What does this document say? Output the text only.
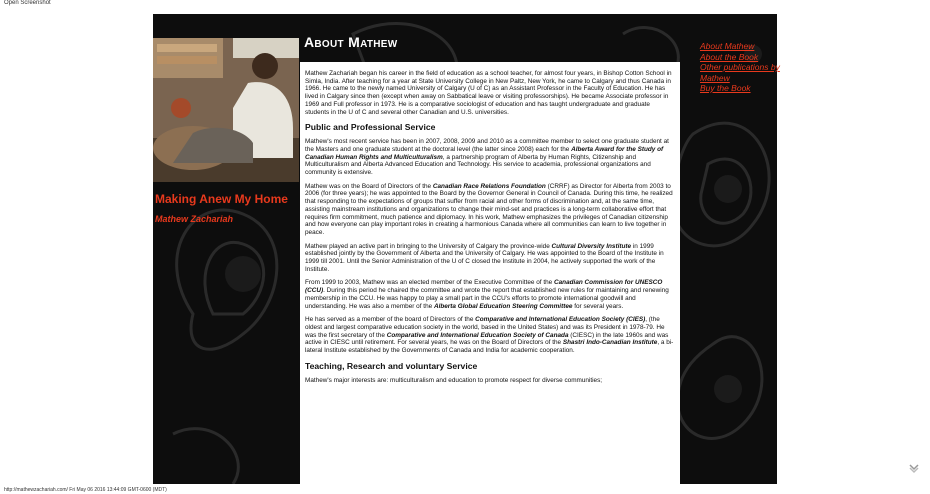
Open Screenshot
Making Anew My Home
Mathew Zachariah
About Mathew

Mathew Zachariah began his career in the field of education as a school teacher, for almost four years, in Bishop Cotton School in Simla, India. After teaching for a year at State University College in New Paltz, New York, he came to Calgary and thus Canada in 1966. He came to the newly named University of Calgary (U of C) as an Assistant Professor in the Faculty of Education. He has lived in Calgary since then (except when away on Sabbatical leave or visiting professorships). He became Associate professor in 1969 and Full professor in 1973. He is a comparative sociologist of education and has taught undergraduate and graduate students in the U of C and several other Canadian and U.S. universities.

Public and Professional Service

Mathew's most recent service has been in 2007, 2008, 2009 and 2010 as a committee member to select one graduate student at the Masters and one graduate student at the doctoral level (the latter since 2008) each for the Alberta Award for the Study of Canadian Human Rights and Multiculturalism, a partnership program of Alberta by Human Rights, Citizenship and Multiculturalism and Alberta Advanced Education and Technology. His service to academia, professional organizations and community is extensive.

Mathew was on the Board of Directors of the Canadian Race Relations Foundation (CRRF) as Director for Alberta from 2003 to 2006 (for three years); he was appointed to the Board by the Governor General in Council of Canada. During this time, he realized that responding to the expectations of groups that suffer from racial and other forms of discrimination and, at the same time, assisting mainstream institutions and organizations to change their mind-set and practices is a long-term collaborative effort that requires firm commitment, much patience and diplomacy. In his work, Mathew emphasizes the privileges of Canadian citizenship and how everyone can play important roles in creating a harmonious Canada where all communities can learn to live together in peace.

Mathew played an active part in bringing to the University of Calgary the province-wide Cultural Diversity Institute in 1999 established jointly by the Government of Alberta and the University of Calgary. He was appointed to the Board of the Institute in 1999 till 2001. Until the Senior Administration of the U of C closed the Institute in 2004, he actively supported the work of the Institute.

From 1999 to 2003, Mathew was an elected member of the Executive Committee of the Canadian Commission for UNESCO (CCU). During this period he chaired the committee and wrote the report that established new rules for maintaining and renewing membership in the CCU. He was happy to play a small part in the CCU's efforts to promote international goodwill and understanding. He was also a member of the Alberta Global Education Steering Committee for several years.

He has served as a member of the board of Directors of the Comparative and International Education Society (CIES), (the oldest and largest comparative education society in the world, based in the United States) and was its President in 1978-79. He was the first secretary of the Comparative and International Education Society of Canada (CIESC) in the late 1960s and was active in CIESC until retirement. For several years, he was on the Board of Directors of the Shastri Indo-Canadian Institute, a bi-lateral Institute established by the Governments of Canada and India for academic cooperation.

Teaching, Research and voluntary Service

Mathew's major interests are: multiculturalism and education to promote respect for diverse communities;

About Mathew
About the Book
Other publications by Mathew
Buy the Book
http://mathewzachariah.com/ Fri May 06 2016 13:44:09 GMT-0600 (MDT)
